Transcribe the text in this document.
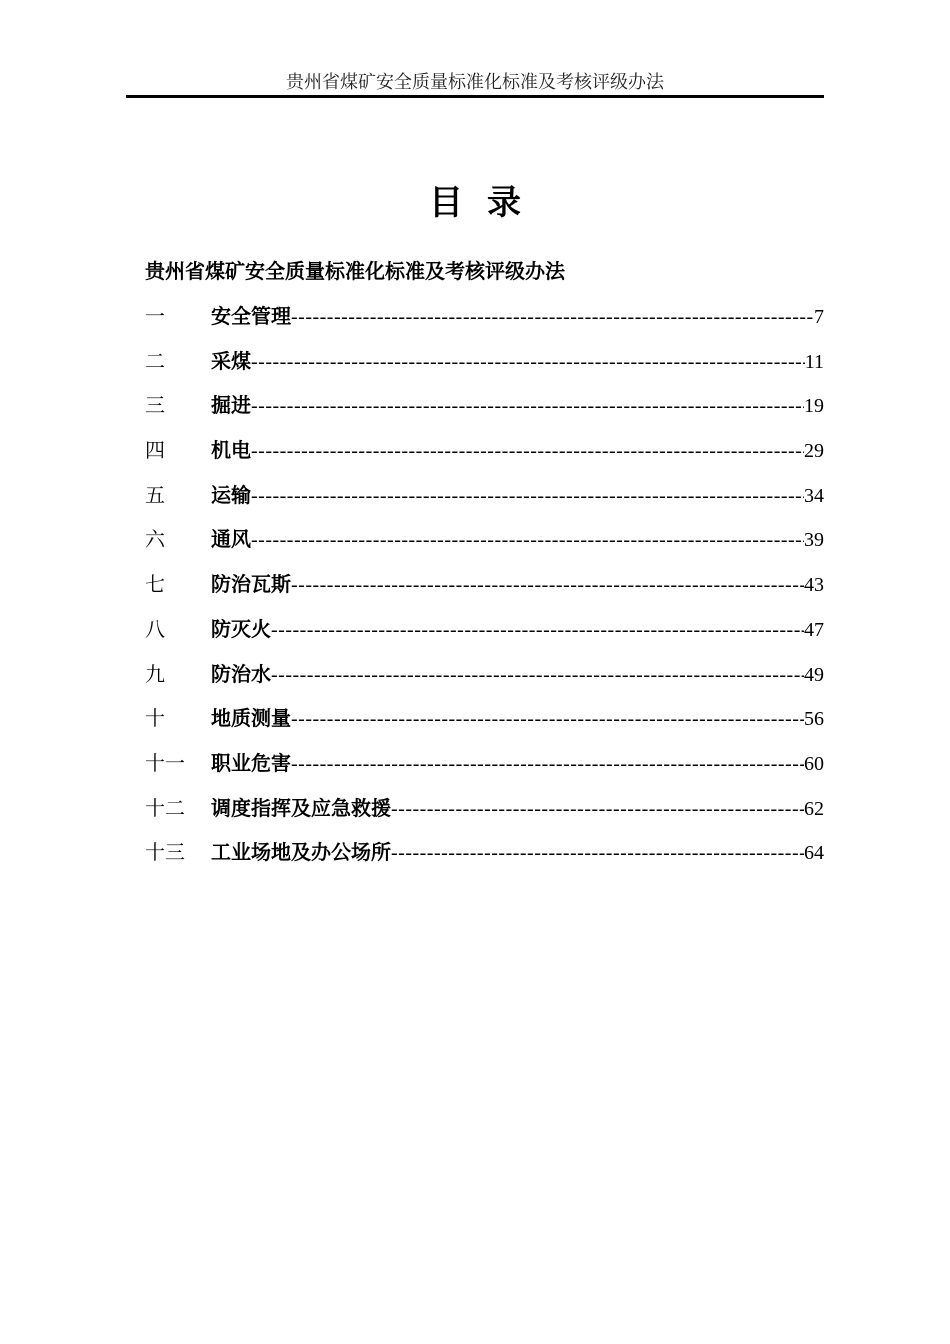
贵州省煤矿安全质量标准化标准及考核评级办法
目录
贵州省煤矿安全质量标准化标准及考核评级办法
一	安全管理 -----	7
二	采煤 -----	11
三	掘进 -----	19
四	机电 -----	29
五	运输 -----	34
六	通风 -----	39
七	防治瓦斯 -----	43
八	防灭火 -----	47
九	防治水 -----	49
十	地质测量 -----	56
十一	职业危害 -----	60
十二	调度指挥及应急救援 -----	62
十三	工业场地及办公场所 -----	64
